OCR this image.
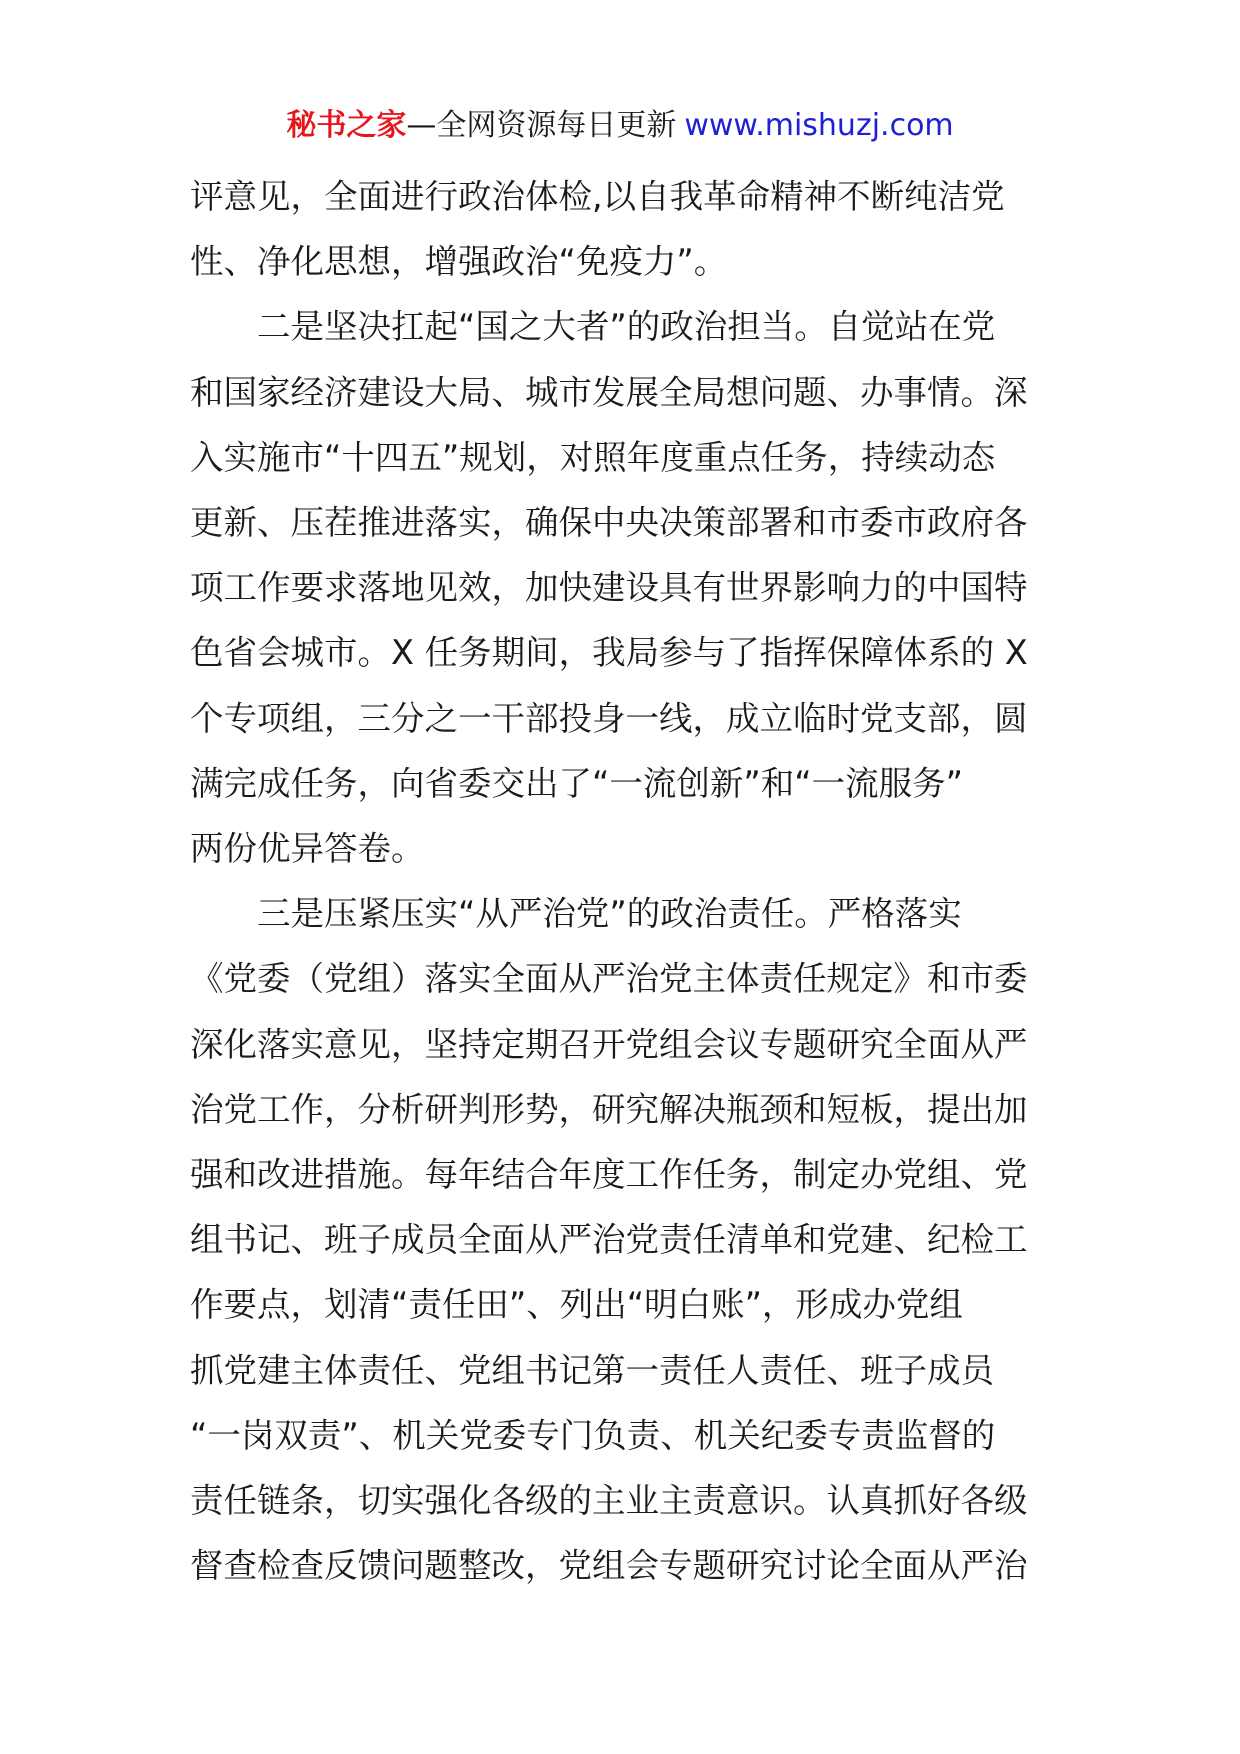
秘书之家—全网资源每日更新 www.mishuzj.com

评意见，全面进行政治体检,以自我革命精神不断纯洁党
性、净化思想，增强政治“免疫力”。

二是坚决扛起“国之大者”的政治担当。自觉站在党
和国家经济建设大局、城市发展全局想问题、办事情。深
入实施市“十四五”规划，对照年度重点任务，持续动态
更新、压茬推进落实，确保中央决策部署和市委市政府各
项工作要求落地见效，加快建设具有世界影响力的中国特
色省会城市。X 任务期间，我局参与了指挥保障体系的 X
个专项组，三分之一干部投身一线，成立临时党支部，圆
满完成任务，向省委交出了“一流创新”和“一流服务”
两份优异答卷。

三是压紧压实“从严治党”的政治责任。严格落实
《党委（党组）落实全面从严治党主体责任规定》和市委
深化落实意见，坚持定期召开党组会议专题研究全面从严
治党工作，分析研判形势，研究解决瓶颈和短板，提出加
强和改进措施。每年结合年度工作任务，制定办党组、党
组书记、班子成员全面从严治党责任清单和党建、纪检工
作要点，划清“责任田”、列出“明白账”，形成办党组
抓党建主体责任、党组书记第一责任人责任、班子成员
“一岗双责”、机关党委专门负责、机关纪委专责监督的
责任链条，切实强化各级的主业主责意识。认真抓好各级
督查检查反馈问题整改，党组会专题研究讨论全面从严治
